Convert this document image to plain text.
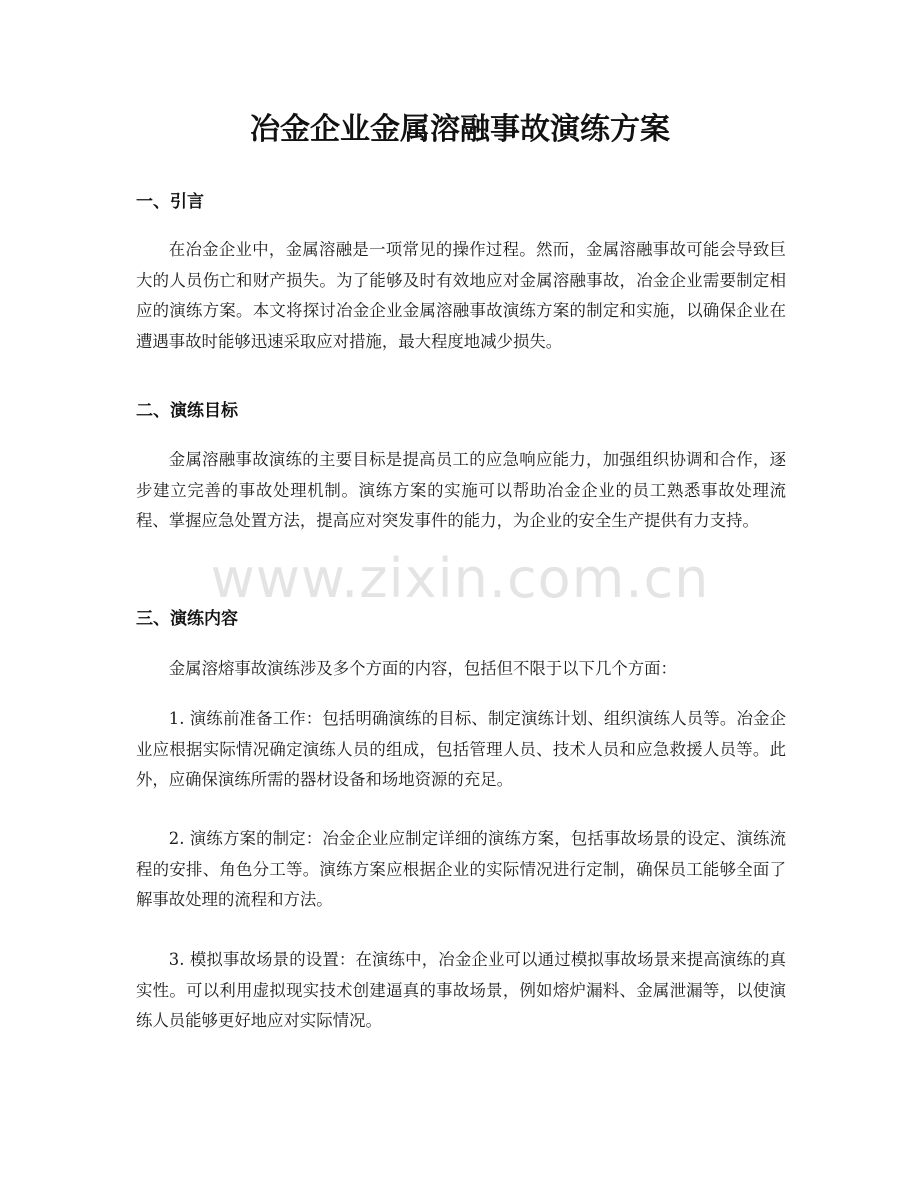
冶金企业金属溶融事故演练方案
一、引言

在冶金企业中，金属溶融是一项常见的操作过程。然而，金属溶融事故可能会导致巨大的人员伤亡和财产损失。为了能够及时有效地应对金属溶融事故，冶金企业需要制定相应的演练方案。本文将探讨冶金企业金属溶融事故演练方案的制定和实施，以确保企业在遭遇事故时能够迅速采取应对措施，最大程度地减少损失。

二、演练目标

金属溶融事故演练的主要目标是提高员工的应急响应能力，加强组织协调和合作，逐步建立完善的事故处理机制。演练方案的实施可以帮助冶金企业的员工熟悉事故处理流程、掌握应急处置方法，提高应对突发事件的能力，为企业的安全生产提供有力支持。

三、演练内容

金属溶熔事故演练涉及多个方面的内容，包括但不限于以下几个方面：

1. 演练前准备工作：包括明确演练的目标、制定演练计划、组织演练人员等。冶金企业应根据实际情况确定演练人员的组成，包括管理人员、技术人员和应急救援人员等。此外，应确保演练所需的器材设备和场地资源的充足。

2. 演练方案的制定：冶金企业应制定详细的演练方案，包括事故场景的设定、演练流程的安排、角色分工等。演练方案应根据企业的实际情况进行定制，确保员工能够全面了解事故处理的流程和方法。

3. 模拟事故场景的设置：在演练中，冶金企业可以通过模拟事故场景来提高演练的真实性。可以利用虚拟现实技术创建逼真的事故场景，例如熔炉漏料、金属泄漏等，以使演练人员能够更好地应对实际情况。

www.zixin.com.cn
